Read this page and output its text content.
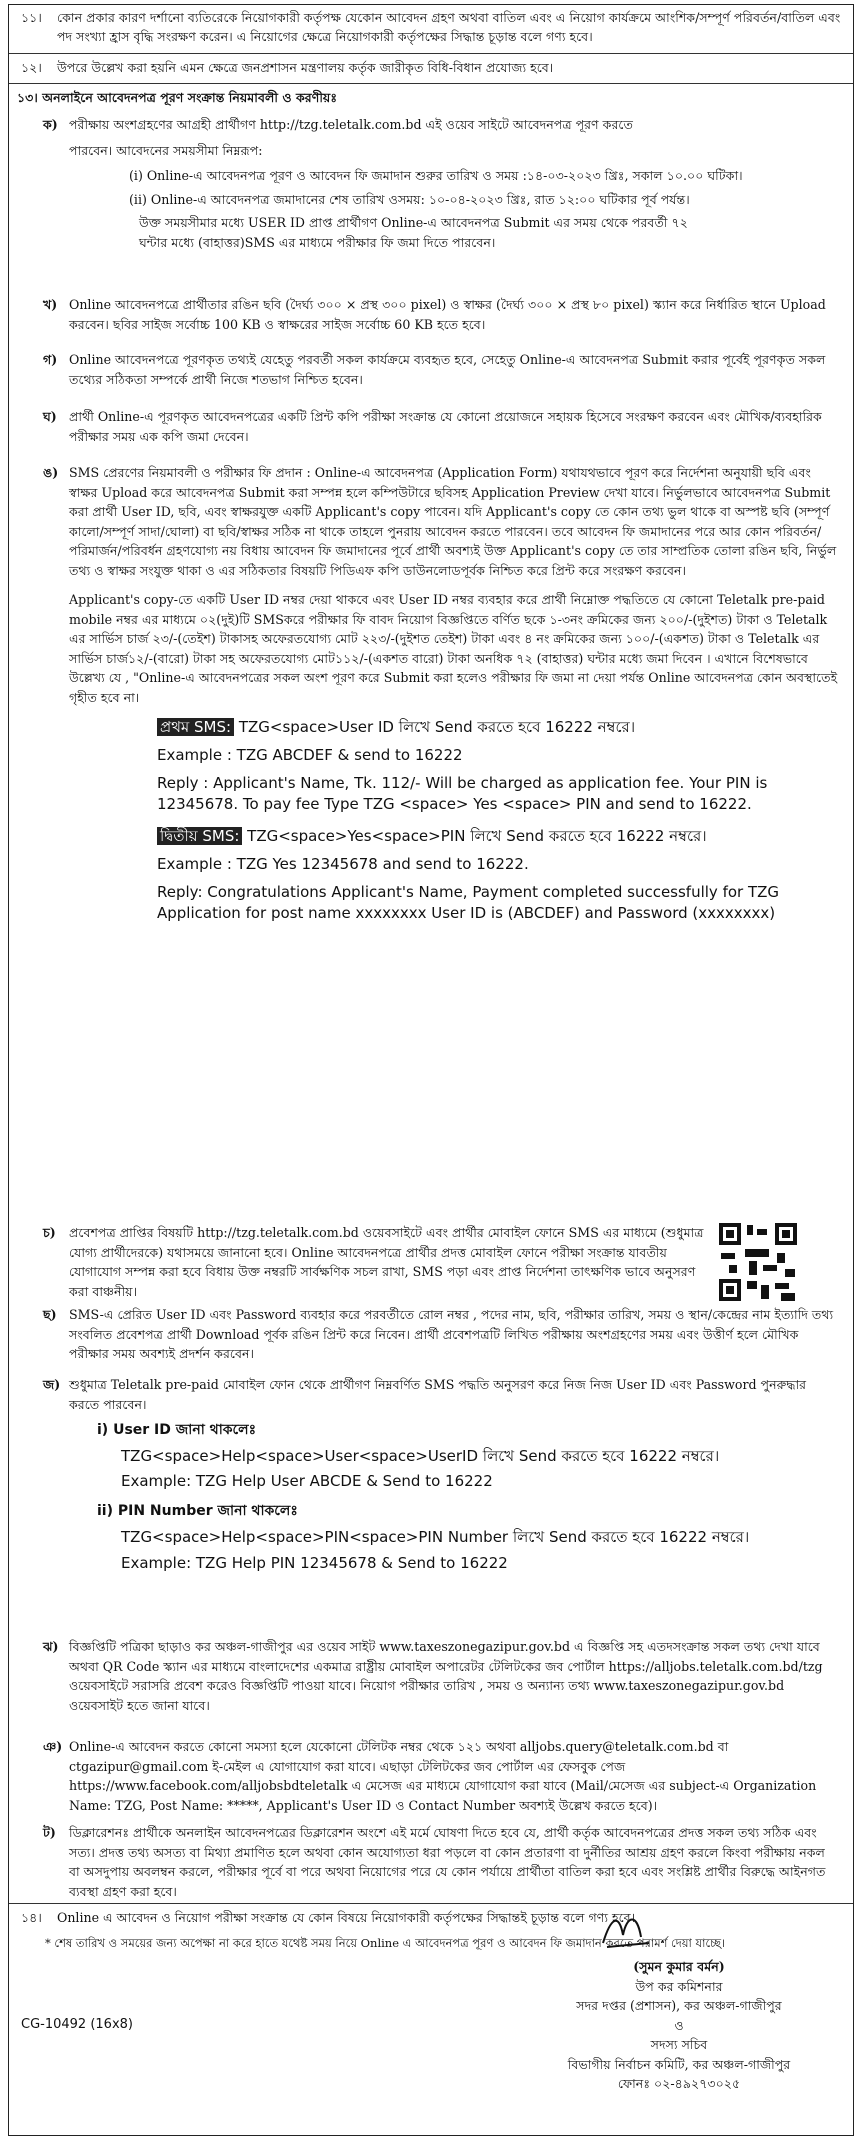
১১। কোন প্রকার কারণ দর্শানো ব্যতিরেকে নিয়োগকারী কর্তৃপক্ষ যেকোন আবেদন গ্রহণ অথবা বাতিল এবং এ নিয়োগ কার্যক্রমে আংশিক/সম্পূর্ণ পরিবর্তন/বাতিল এবং পদ সংখ্যা হ্রাস বৃদ্ধি সংরক্ষণ করেন। এ নিয়োগের ক্ষেত্রে নিয়োগকারী কর্তৃপক্ষের সিদ্ধান্ত চূড়ান্ত বলে গণ্য হবে।
১২। উপরে উল্লেখ করা হয়নি এমন ক্ষেত্রে জনপ্রশাসন মন্ত্রণালয় কর্তৃক জারীকৃত বিধি-বিধান প্রযোজ্য হবে।
১৩। অনলাইনে আবেদনপত্র পূরণ সংক্রান্ত নিয়মাবলী ও করণীয়ঃ
ক) পরীক্ষায় অংশগ্রহণের আগ্রহী প্রার্থীগণ http://tzg.teletalk.com.bd এই ওয়েব সাইটে আবেদনপত্র পূরণ করতে
পারবেন। আবেদনের সময়সীমা নিম্নরূপ:
(i) Online-এ আবেদনপত্র পূরণ ও আবেদন ফি জমাদান শুরুর তারিখ ও সময় :১৪-০৩-২০২৩ খ্রিঃ, সকাল ১০.০০ ঘটিকা।
(ii) Online-এ আবেদনপত্র জমাদানের শেষ তারিখ ওসময়: ১০-০৪-২০২৩ খ্রিঃ, রাত ১২:০০ ঘটিকার পূর্ব পর্যন্ত।
উক্ত সময়সীমার মধ্যে USER ID প্রাপ্ত প্রার্থীগণ Online-এ আবেদনপত্র Submit এর সময় থেকে পরবর্তী ৭২
ঘন্টার মধ্যে (বাহাত্তর)SMS এর মাধ্যমে পরীক্ষার ফি জমা দিতে পারবেন।
খ) Online আবেদনপত্রে প্রার্থীতার রঙিন ছবি (দৈর্ঘ্য ৩০০ × প্রস্থ ৩০০ pixel) ও স্বাক্ষর (দৈর্ঘ্য ৩০০ × প্রস্থ ৮০ pixel) স্ক্যান করে নির্ধারিত স্থানে Upload করবেন। ছবির সাইজ সর্বোচ্চ 100 KB ও স্বাক্ষরের সাইজ সর্বোচ্চ 60 KB হতে হবে।
গ) Online আবেদনপত্রে পূরণকৃত তথ্যই যেহেতু পরবর্তী সকল কার্যক্রমে ব্যবহৃত হবে, সেহেতু Online-এ আবেদনপত্র Submit করার পূর্বেই পূরণকৃত সকল তথ্যের সঠিকতা সম্পর্কে প্রার্থী নিজে শতভাগ নিশ্চিত হবেন।
ঘ) প্রার্থী Online-এ পূরণকৃত আবেদনপত্রের একটি প্রিন্ট কপি পরীক্ষা সংক্রান্ত যে কোনো প্রয়োজনে সহায়ক হিসেবে সংরক্ষণ করবেন এবং মৌখিক/ব্যবহারিক পরীক্ষার সময় এক কপি জমা দেবেন।
ঙ) SMS প্রেরণের নিয়মাবলী ও পরীক্ষার ফি প্রদান : Online-এ আবেদনপত্র (Application Form) যথাযথভাবে পূরণ করে নির্দেশনা অনুযায়ী ছবি এবং স্বাক্ষর Upload করে আবেদনপত্র Submit করা সম্পন্ন হলে কম্পিউটারে ছবিসহ Application Preview দেখা যাবে। নির্ভুলভাবে আবেদনপত্র Submit করা প্রার্থী User ID, ছবি, এবং স্বাক্ষরযুক্ত একটি Applicant's copy পাবেন। যদি Applicant's copy তে কোন তথ্য ভুল থাকে বা অস্পষ্ট ছবি (সম্পূর্ণ কালো/সম্পূর্ণ সাদা/ঘোলা) বা ছবি/স্বাক্ষর সঠিক না থাকে তাহলে পুনরায় আবেদন করতে পারবেন। তবে আবেদন ফি জমাদানের পরে আর কোন পরিবর্তন/পরিমার্জন/পরিবর্ধন গ্রহণযোগ্য নয় বিধায় আবেদন ফি জমাদানের পূর্বে প্রার্থী অবশ্যই উক্ত Applicant's copy তে তার সাম্প্রতিক তোলা রঙিন ছবি, নির্ভুল তথ্য ও স্বাক্ষর সংযুক্ত থাকা ও এর সঠিকতার বিষয়টি পিডিএফ কপি ডাউনলোডপূর্বক নিশ্চিত করে প্রিন্ট করে সংরক্ষণ করবেন।
Applicant's copy-তে একটি User ID নম্বর দেয়া থাকবে এবং User ID নম্বর ব্যবহার করে প্রার্থী নিম্নোক্ত পদ্ধতিতে যে কোনো Teletalk pre-paid mobile নম্বর এর মাধ্যমে ০২(দুই)টি SMSকরে পরীক্ষার ফি বাবদ নিয়োগ বিজ্ঞপ্তিতে বর্ণিত ছকে ১-৩নং ক্রমিকের জন্য ২০০/-(দুইশত) টাকা ও Teletalk এর সার্ভিস চার্জ ২৩/-(তেইশ) টাকাসহ অফেরতযোগ্য মোট ২২৩/-(দুইশত তেইশ) টাকা এবং ৪ নং ক্রমিকের জন্য ১০০/-(একশত) টাকা ও Teletalk এর সার্ভিস চার্জ১২/-(বারো) টাকা সহ অফেরতযোগ্য মোট১১২/-(একশত বারো) টাকা অনধিক ৭২ (বাহাত্তর) ঘন্টার মধ্যে জমা দিবেন । এখানে বিশেষভাবে উল্লেখ্য যে , "Online-এ আবেদনপত্রের সকল অংশ পূরণ করে Submit করা হলেও পরীক্ষার ফি জমা না দেয়া পর্যন্ত Online আবেদনপত্র কোন অবস্থাতেই গৃহীত হবে না।
প্রথম SMS: TZG<space>User ID লিখে Send করতে হবে 16222 নম্বরে।
Example : TZG ABCDEF & send to 16222
Reply : Applicant's Name, Tk. 112/- Will be charged as application fee. Your PIN is 12345678. To pay fee Type TZG <space> Yes <space> PIN and send to 16222.
দ্বিতীয় SMS: TZG<space>Yes<space>PIN লিখে Send করতে হবে 16222 নম্বরে।
Example : TZG Yes 12345678 and send to 16222.
Reply: Congratulations Applicant's Name, Payment completed successfully for TZG Application for post name xxxxxxxx User ID is (ABCDEF) and Password (xxxxxxxx)
চ) প্রবেশপত্র প্রাপ্তির বিষয়টি http://tzg.teletalk.com.bd ওয়েবসাইটে এবং প্রার্থীর মোবাইল ফোনে SMS এর মাধ্যমে (শুধুমাত্র যোগ্য প্রার্থীদেরকে) যথাসময়ে জানানো হবে। Online আবেদনপত্রে প্রার্থীর প্রদত্ত মোবাইল ফোনে পরীক্ষা সংক্রান্ত যাবতীয় যোগাযোগ সম্পন্ন করা হবে বিধায় উক্ত নম্বরটি সার্বক্ষণিক সচল রাখা, SMS পড়া এবং প্রাপ্ত নির্দেশনা তাৎক্ষণিক ভাবে অনুসরণ করা বাঞ্চনীয়।
ছ) SMS-এ প্রেরিত User ID এবং Password ব্যবহার করে পরবর্তীতে রোল নম্বর , পদের নাম, ছবি, পরীক্ষার তারিখ, সময় ও স্থান/কেন্দ্রের নাম ইত্যাদি তথ্য সংবলিত প্রবেশপত্র প্রার্থী Download পূর্বক রঙিন প্রিন্ট করে নিবেন। প্রার্থী প্রবেশপত্রটি লিখিত পরীক্ষায় অংশগ্রহণের সময় এবং উত্তীর্ণ হলে মৌখিক পরীক্ষার সময় অবশ্যই প্রদর্শন করবেন।
জ) শুধুমাত্র Teletalk pre-paid মোবাইল ফোন থেকে প্রার্থীগণ নিম্নবর্ণিত SMS পদ্ধতি অনুসরণ করে নিজ নিজ User ID এবং Password পুনরুদ্ধার করতে পারবেন।
i) User ID জানা থাকলেঃ
TZG<space>Help<space>User<space>UserID লিখে Send করতে হবে 16222 নম্বরে।
Example: TZG Help User ABCDE & Send to 16222
ii) PIN Number জানা থাকলেঃ
TZG<space>Help<space>PIN<space>PIN Number লিখে Send করতে হবে 16222 নম্বরে।
Example: TZG Help PIN 12345678 & Send to 16222
ঝ) বিজ্ঞপ্তিটি পত্রিকা ছাড়াও কর অঞ্চল-গাজীপুর এর ওয়েব সাইট www.taxeszonegazipur.gov.bd এ বিজ্ঞপ্তি সহ এতদসংক্রান্ত সকল তথ্য দেখা যাবে অথবা QR Code স্ক্যান এর মাধ্যমে বাংলাদেশের একমাত্র রাষ্ট্রীয় মোবাইল অপারেটর টেলিটকের জব পোর্টাল https://alljobs.teletalk.com.bd/tzg ওয়েবসাইটে সরাসরি প্রবেশ করেও বিজ্ঞপ্তিটি পাওয়া যাবে। নিয়োগ পরীক্ষার তারিখ , সময় ও অন্যান্য তথ্য www.taxeszonegazipur.gov.bd ওয়েবসাইট হতে জানা যাবে।
ঞ) Online-এ আবেদন করতে কোনো সমস্যা হলে যেকোনো টেলিটক নম্বর থেকে ১২১ অথবা alljobs.query@teletalk.com.bd বা ctgazipur@gmail.com ই-মেইল এ যোগাযোগ করা যাবে। এছাড়া টেলিটকের জব পোর্টাল এর ফেসবুক পেজ https://www.facebook.com/alljobsbdteletalk এ মেসেজ এর মাধ্যমে যোগাযোগ করা যাবে (Mail/মেসেজ এর subject-এ Organization Name: TZG, Post Name: *****, Applicant's User ID ও Contact Number অবশ্যই উল্লেখ করতে হবে)।
ট) ডিক্লারেশনঃ প্রার্থীকে অনলাইন আবেদনপত্রের ডিক্লারেশন অংশে এই মর্মে ঘোষণা দিতে হবে যে, প্রার্থী কর্তৃক আবেদনপত্রের প্রদত্ত সকল তথ্য সঠিক এবং সত্য। প্রদত্ত তথ্য অসত্য বা মিথ্যা প্রমাণিত হলে অথবা কোন অযোগ্যতা ধরা পড়লে বা কোন প্রতারণা বা দুর্নীতির আশ্রয় গ্রহণ করলে কিংবা পরীক্ষায় নকল বা অসদুপায় অবলম্বন করলে, পরীক্ষার পূর্বে বা পরে অথবা নিয়োগের পরে যে কোন পর্যায়ে প্রার্থীতা বাতিল করা হবে এবং সংশ্লিষ্ট প্রার্থীর বিরুদ্ধে আইনগত ব্যবস্থা গ্রহণ করা হবে।
১৪। Online এ আবেদন ও নিয়োগ পরীক্ষা সংক্রান্ত যে কোন বিষয়ে নিয়োগকারী কর্তৃপক্ষের সিদ্ধান্তই চূড়ান্ত বলে গণ্য হবে।
* শেষ তারিখ ও সময়ের জন্য অপেক্ষা না করে হাতে যথেষ্ট সময় নিয়ে Online এ আবেদনপত্র পূরণ ও আবেদন ফি জমাদান করতে পরামর্শ দেয়া যাচ্ছে।
(সুমন কুমার বর্মন)
উপ কর কমিশনার
সদর দপ্তর (প্রশাসন), কর অঞ্চল-গাজীপুর
ও
সদস্য সচিব
বিভাগীয় নির্বাচন কমিটি, কর অঞ্চল-গাজীপুর
ফোনঃ ০২-৪৯২৭৩০২৫
CG-10492 (16x8)
